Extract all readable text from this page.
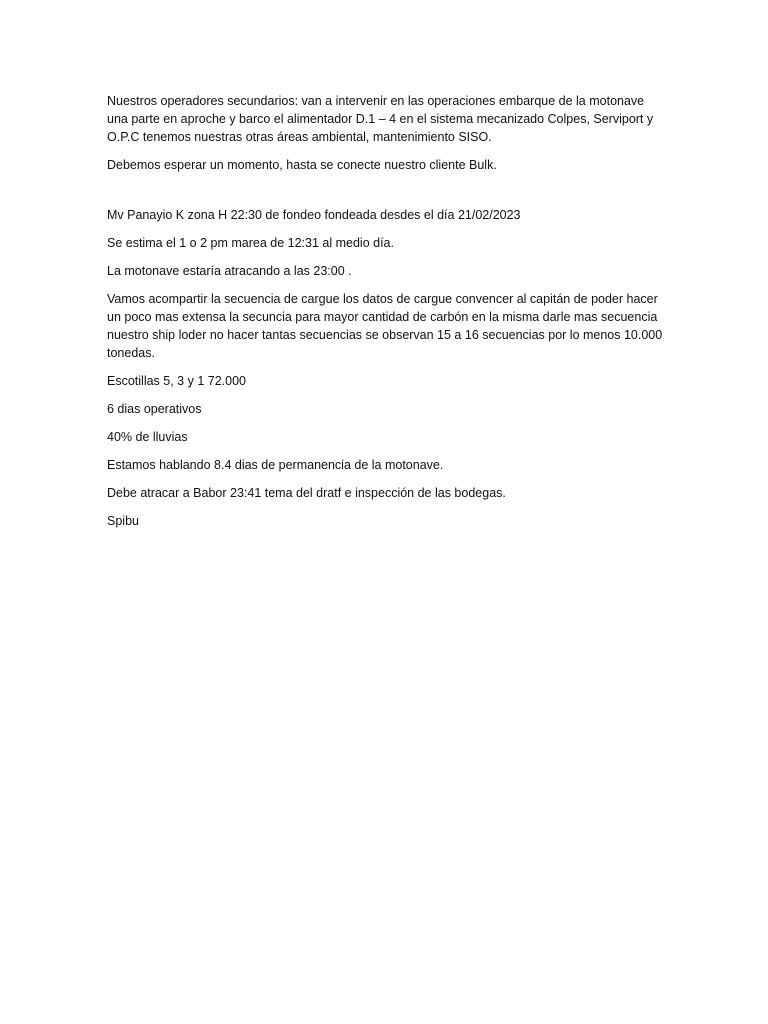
Nuestros operadores secundarios: van a intervenir en las operaciones embarque de la motonave una parte en aproche y barco el alimentador D.1 – 4 en el sistema mecanizado Colpes, Serviport y O.P.C tenemos nuestras otras áreas ambiental, mantenimiento SISO.

Debemos esperar un momento, hasta se conecte nuestro cliente Bulk.

Mv Panayio K zona H 22:30 de fondeo fondeada desdes el día 21/02/2023

Se estima el 1 o 2 pm marea de 12:31 al medio día.

La motonave estaría atracando a las 23:00 .

Vamos acompartir la secuencia de cargue los datos de cargue convencer al capitán de poder hacer un poco mas extensa la secuncia para mayor cantidad de carbón en la misma darle mas secuencia nuestro ship loder no hacer tantas secuencias se observan 15 a 16 secuencias por lo menos 10.000 tonedas.

Escotillas 5, 3 y 1 72.000

6 dias operativos

40% de lluvias

Estamos hablando 8.4 dias de permanencia de la motonave.

Debe atracar a Babor 23:41 tema del dratf e inspección de las bodegas.

Spibu
